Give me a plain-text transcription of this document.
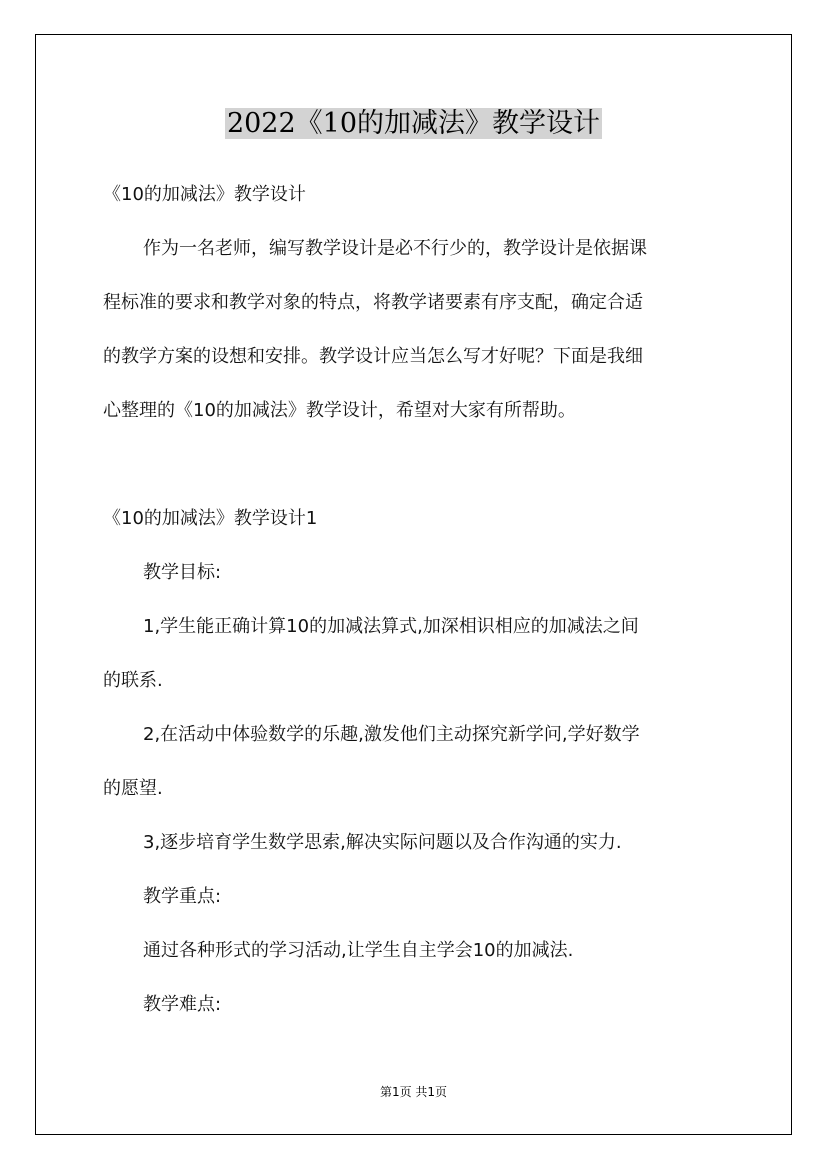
2022《10的加减法》教学设计

《10的加减法》教学设计

作为一名老师，编写教学设计是必不行少的，教学设计是依据课

程标准的要求和教学对象的特点，将教学诸要素有序支配，确定合适

的教学方案的设想和安排。教学设计应当怎么写才好呢？下面是我细

心整理的《10的加减法》教学设计，希望对大家有所帮助。

《10的加减法》教学设计1

教学目标:

1,学生能正确计算10的加减法算式,加深相识相应的加减法之间

的联系.

2,在活动中体验数学的乐趣,激发他们主动探究新学问,学好数学

的愿望.

3,逐步培育学生数学思索,解决实际问题以及合作沟通的实力.

教学重点:

通过各种形式的学习活动,让学生自主学会10的加减法.

教学难点:

第1页 共1页
